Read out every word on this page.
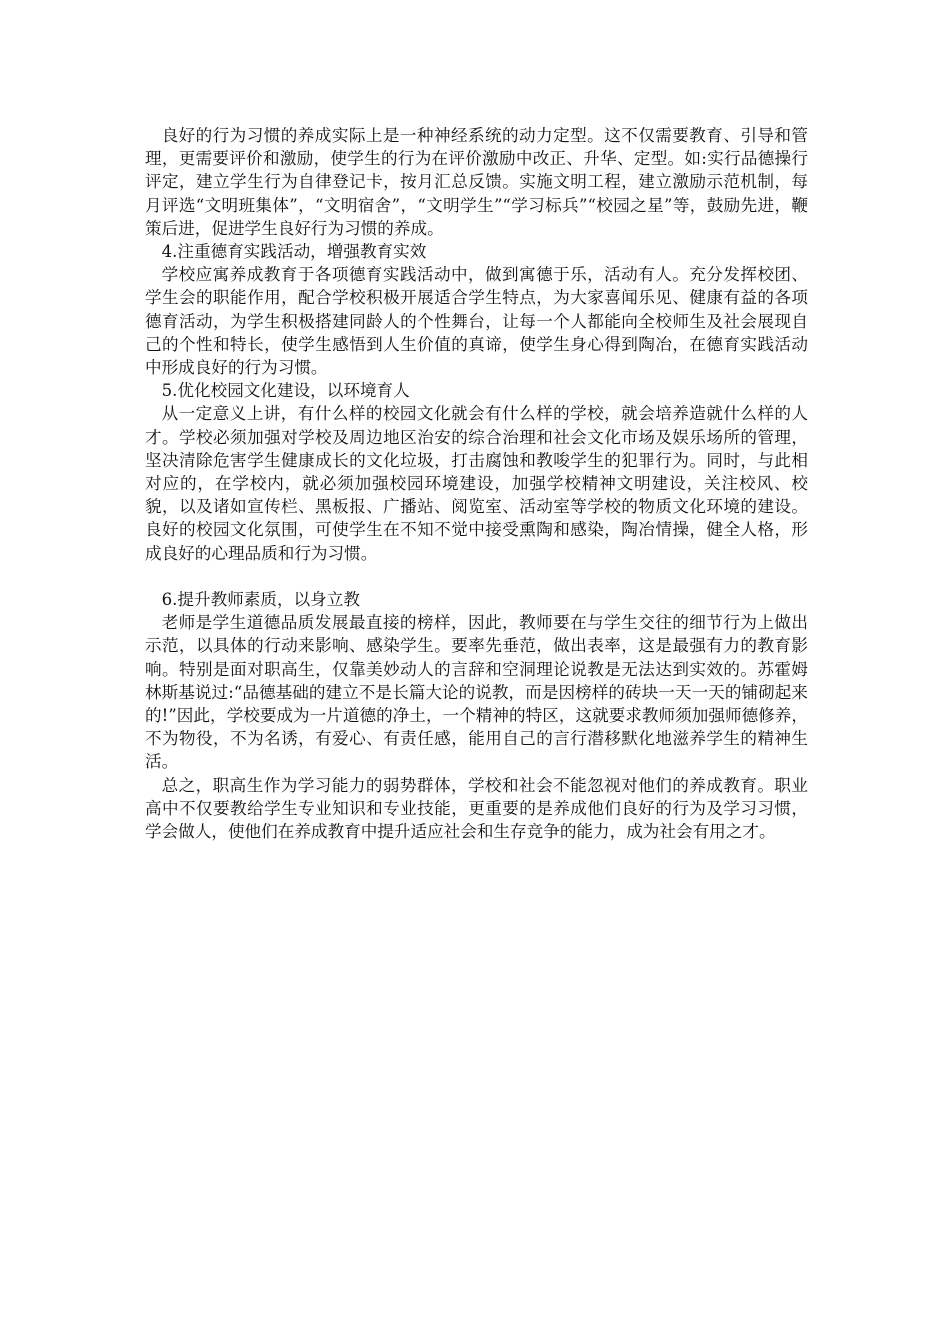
良好的行为习惯的养成实际上是一种神经系统的动力定型。这不仅需要教育、引导和管理，更需要评价和激励，使学生的行为在评价激励中改正、升华、定型。如:实行品德操行评定，建立学生行为自律登记卡，按月汇总反馈。实施文明工程，建立激励示范机制，每月评选“文明班集体”，“文明宿舍”，“文明学生”“学习标兵”“校园之星”等，鼓励先进，鞭策后进，促进学生良好行为习惯的养成。

4.注重德育实践活动，增强教育实效

学校应寓养成教育于各项德育实践活动中，做到寓德于乐，活动有人。充分发挥校团、学生会的职能作用，配合学校积极开展适合学生特点，为大家喜闻乐见、健康有益的各项德育活动，为学生积极搭建同龄人的个性舞台，让每一个人都能向全校师生及社会展现自己的个性和特长，使学生感悟到人生价值的真谛，使学生身心得到陶冶，在德育实践活动中形成良好的行为习惯。

5.优化校园文化建设，以环境育人

从一定意义上讲，有什么样的校园文化就会有什么样的学校，就会培养造就什么样的人才。学校必须加强对学校及周边地区治安的综合治理和社会文化市场及娱乐场所的管理，坚决清除危害学生健康成长的文化垃圾，打击腐蚀和教唆学生的犯罪行为。同时，与此相对应的，在学校内，就必须加强校园环境建设，加强学校精神文明建设，关注校风、校貌，以及诸如宣传栏、黑板报、广播站、阅览室、活动室等学校的物质文化环境的建设。良好的校园文化氛围，可使学生在不知不觉中接受熏陶和感染，陶冶情操，健全人格，形成良好的心理品质和行为习惯。

6.提升教师素质，以身立教

老师是学生道德品质发展最直接的榜样，因此，教师要在与学生交往的细节行为上做出示范，以具体的行动来影响、感染学生。要率先垂范，做出表率，这是最强有力的教育影响。特别是面对职高生，仅靠美妙动人的言辞和空洞理论说教是无法达到实效的。苏霍姆林斯基说过:“品德基础的建立不是长篇大论的说教，而是因榜样的砖块一天一天的铺砌起来的!”因此，学校要成为一片道德的净土，一个精神的特区，这就要求教师须加强师德修养，不为物役，不为名诱，有爱心、有责任感，能用自己的言行潜移默化地滋养学生的精神生活。

总之，职高生作为学习能力的弱势群体，学校和社会不能忽视对他们的养成教育。职业高中不仅要教给学生专业知识和专业技能，更重要的是养成他们良好的行为及学习习惯，学会做人，使他们在养成教育中提升适应社会和生存竞争的能力，成为社会有用之才。
